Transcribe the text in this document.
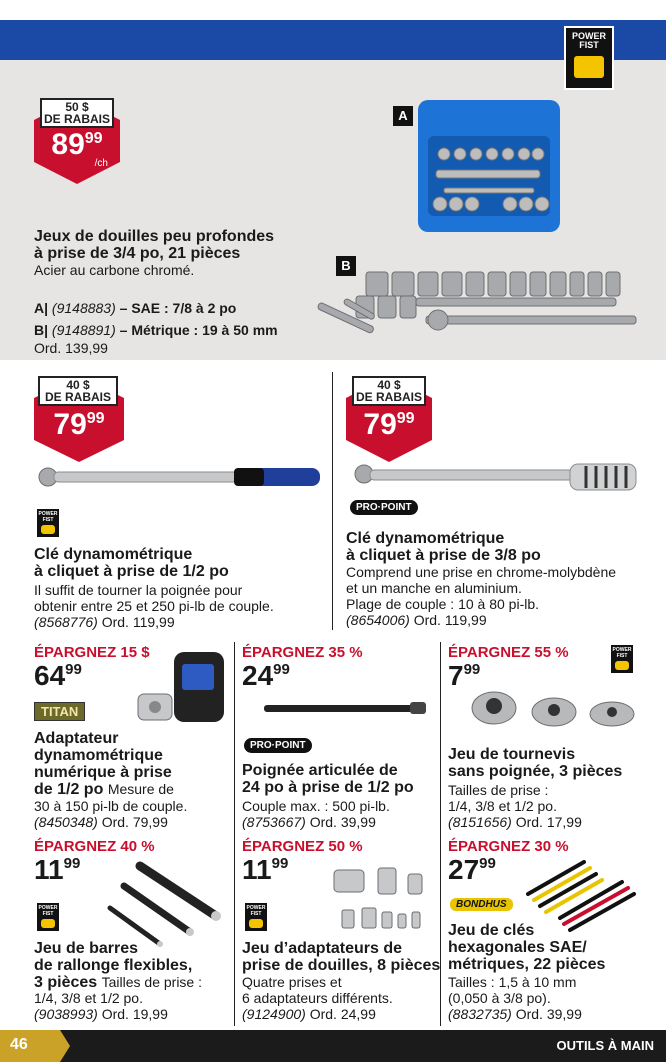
POWER
FIST
50 $
DE RABAIS
$89^{99}$
/ch
A
B
Jeux de douilles peu profondes
à prise de 3/4 po, 21 pièces
Acier au carbone chromé.
A| (9148883) – SAE : 7/8 à 2 po
B| (9148891) – Métrique : 19 à 50 mm
Ord. 139,99
40 $
DE RABAIS
$79^{99}$
POWER
FIST
Clé dynamométrique
à cliquet à prise de 1/2 po
Il suffit de tourner la poignée pour
obtenir entre 25 et 250 pi-lb de couple.
(8568776) Ord. 119,99
40 $
DE RABAIS
$79^{99}$
PRO·POINT
Clé dynamométrique
à cliquet à prise de 3/8 po
Comprend une prise en chrome-molybdène
et un manche en aluminium.
Plage de couple : 10 à 80 pi-lb.
(8654006) Ord. 119,99
ÉPARGNEZ 15 $
$64^{99}$
TITAN
Adaptateur
dynamométrique
numérique à prise
de 1/2 po Mesure de
30 à 150 pi-lb de couple.
(8450348) Ord. 79,99
ÉPARGNEZ 35 %
$24^{99}$
PRO·POINT
Poignée articulée de
24 po à prise de 1/2 po
Couple max. : 500 pi-lb.
(8753667) Ord. 39,99
ÉPARGNEZ 55 %	POWER
FIST
$7^{99}$
Jeu de tournevis
sans poignée, 3 pièces
Tailles de prise :
1/4, 3/8 et 1/2 po.
(8151656) Ord. 17,99
ÉPARGNEZ 40 %
$11^{99}$
POWER
FIST
Jeu de barres
de rallonge flexibles,
3 pièces Tailles de prise :
1/4, 3/8 et 1/2 po.
(9038993) Ord. 19,99
ÉPARGNEZ 50 %
$11^{99}$
POWER
FIST
Jeu d’adaptateurs de
prise de douilles, 8 pièces
Quatre prises et
6 adaptateurs différents.
(9124900) Ord. 24,99
ÉPARGNEZ 30 %
$27^{99}$
BONDHUS
Jeu de clés
hexagonales SAE/
métriques, 22 pièces
Tailles : 1,5 à 10 mm
(0,050 à 3/8 po).
(8832735) Ord. 39,99
46	OUTILS À MAIN
